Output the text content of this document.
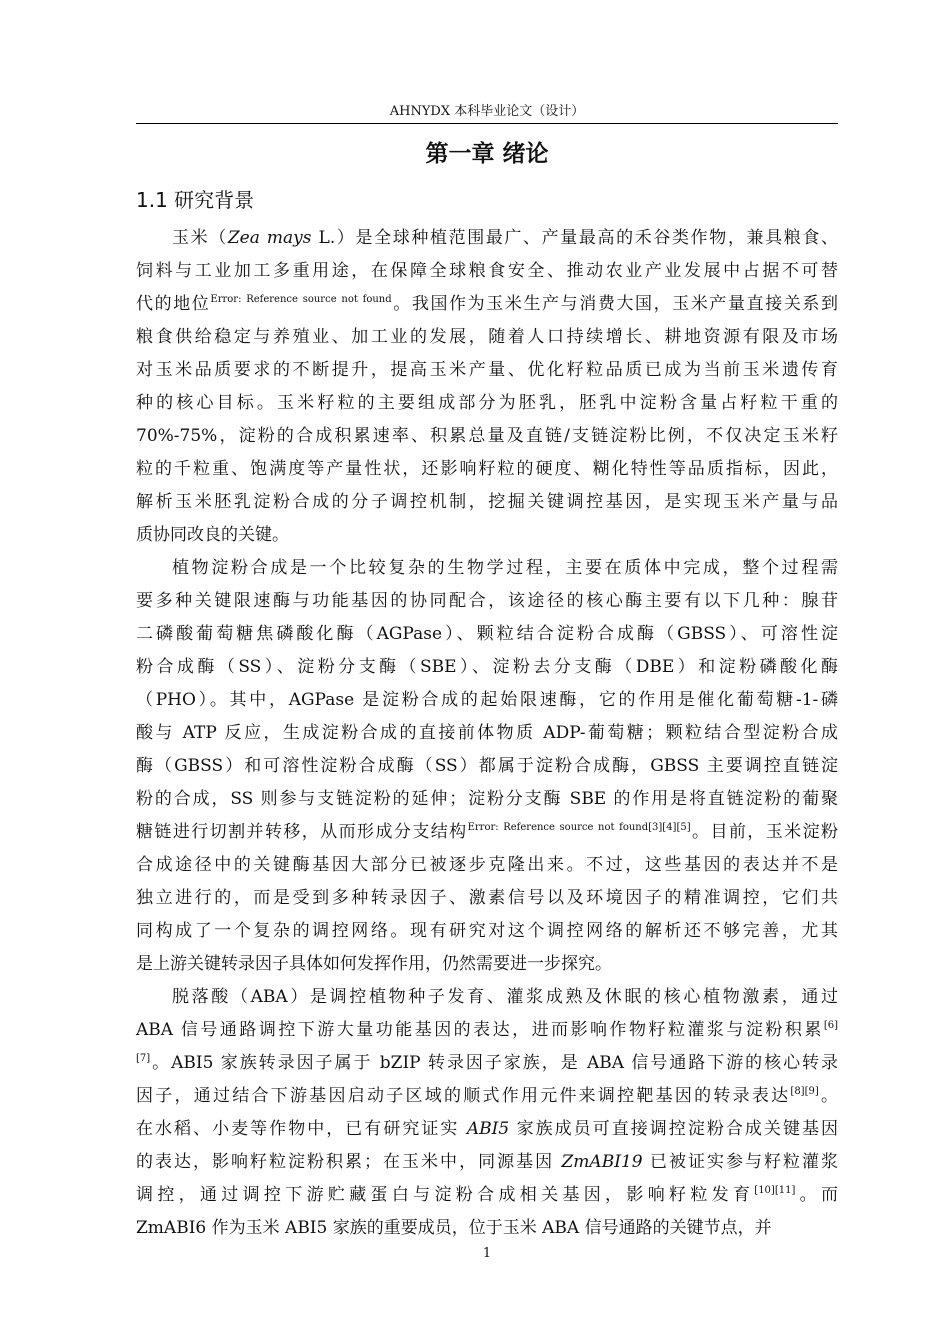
AHNYDX 本科毕业论文（设计）
第一章 绪论
1.1 研究背景
玉米（Zea mays L.）是全球种植范围最广、产量最高的禾谷类作物，兼具粮食、
饲料与工业加工多重用途，在保障全球粮食安全、推动农业产业发展中占据不可替
代的地位$^{Error: Reference source not found}$。我国作为玉米生产与消费大国，玉米产量直接关系到
粮食供给稳定与养殖业、加工业的发展，随着人口持续增长、耕地资源有限及市场
对玉米品质要求的不断提升，提高玉米产量、优化籽粒品质已成为当前玉米遗传育
种的核心目标。玉米籽粒的主要组成部分为胚乳，胚乳中淀粉含量占籽粒干重的
70%-75%，淀粉的合成积累速率、积累总量及直链/支链淀粉比例，不仅决定玉米籽
粒的千粒重、饱满度等产量性状，还影响籽粒的硬度、糊化特性等品质指标，因此，
解析玉米胚乳淀粉合成的分子调控机制，挖掘关键调控基因，是实现玉米产量与品
质协同改良的关键。
植物淀粉合成是一个比较复杂的生物学过程，主要在质体中完成，整个过程需
要多种关键限速酶与功能基因的协同配合，该途径的核心酶主要有以下几种：腺苷
二磷酸葡萄糖焦磷酸化酶（AGPase）、颗粒结合淀粉合成酶（GBSS）、可溶性淀
粉合成酶（SS）、淀粉分支酶（SBE）、淀粉去分支酶（DBE）和淀粉磷酸化酶
（PHO）。其中，AGPase 是淀粉合成的起始限速酶，它的作用是催化葡萄糖-1-磷
酸与 ATP 反应，生成淀粉合成的直接前体物质 ADP-葡萄糖；颗粒结合型淀粉合成
酶（GBSS）和可溶性淀粉合成酶（SS）都属于淀粉合成酶，GBSS 主要调控直链淀
粉的合成，SS 则参与支链淀粉的延伸；淀粉分支酶 SBE 的作用是将直链淀粉的葡聚
糖链进行切割并转移，从而形成分支结构$^{Error: Reference source not found[3][4][5]}$。目前，玉米淀粉
合成途径中的关键酶基因大部分已被逐步克隆出来。不过，这些基因的表达并不是
独立进行的，而是受到多种转录因子、激素信号以及环境因子的精准调控，它们共
同构成了一个复杂的调控网络。现有研究对这个调控网络的解析还不够完善，尤其
是上游关键转录因子具体如何发挥作用，仍然需要进一步探究。
脱落酸（ABA）是调控植物种子发育、灌浆成熟及休眠的核心植物激素，通过
ABA 信号通路调控下游大量功能基因的表达，进而影响作物籽粒灌浆与淀粉积累[6]
[7]。ABI5 家族转录因子属于 bZIP 转录因子家族，是 ABA 信号通路下游的核心转录
因子，通过结合下游基因启动子区域的顺式作用元件来调控靶基因的转录表达[8][9]。
在水稻、小麦等作物中，已有研究证实 ABI5 家族成员可直接调控淀粉合成关键基因
的表达，影响籽粒淀粉积累；在玉米中，同源基因 ZmABI19 已被证实参与籽粒灌浆
调控，通过调控下游贮藏蛋白与淀粉合成相关基因，影响籽粒发育[10][11]。而
ZmABI6 作为玉米 ABI5 家族的重要成员，位于玉米 ABA 信号通路的关键节点，并
1
